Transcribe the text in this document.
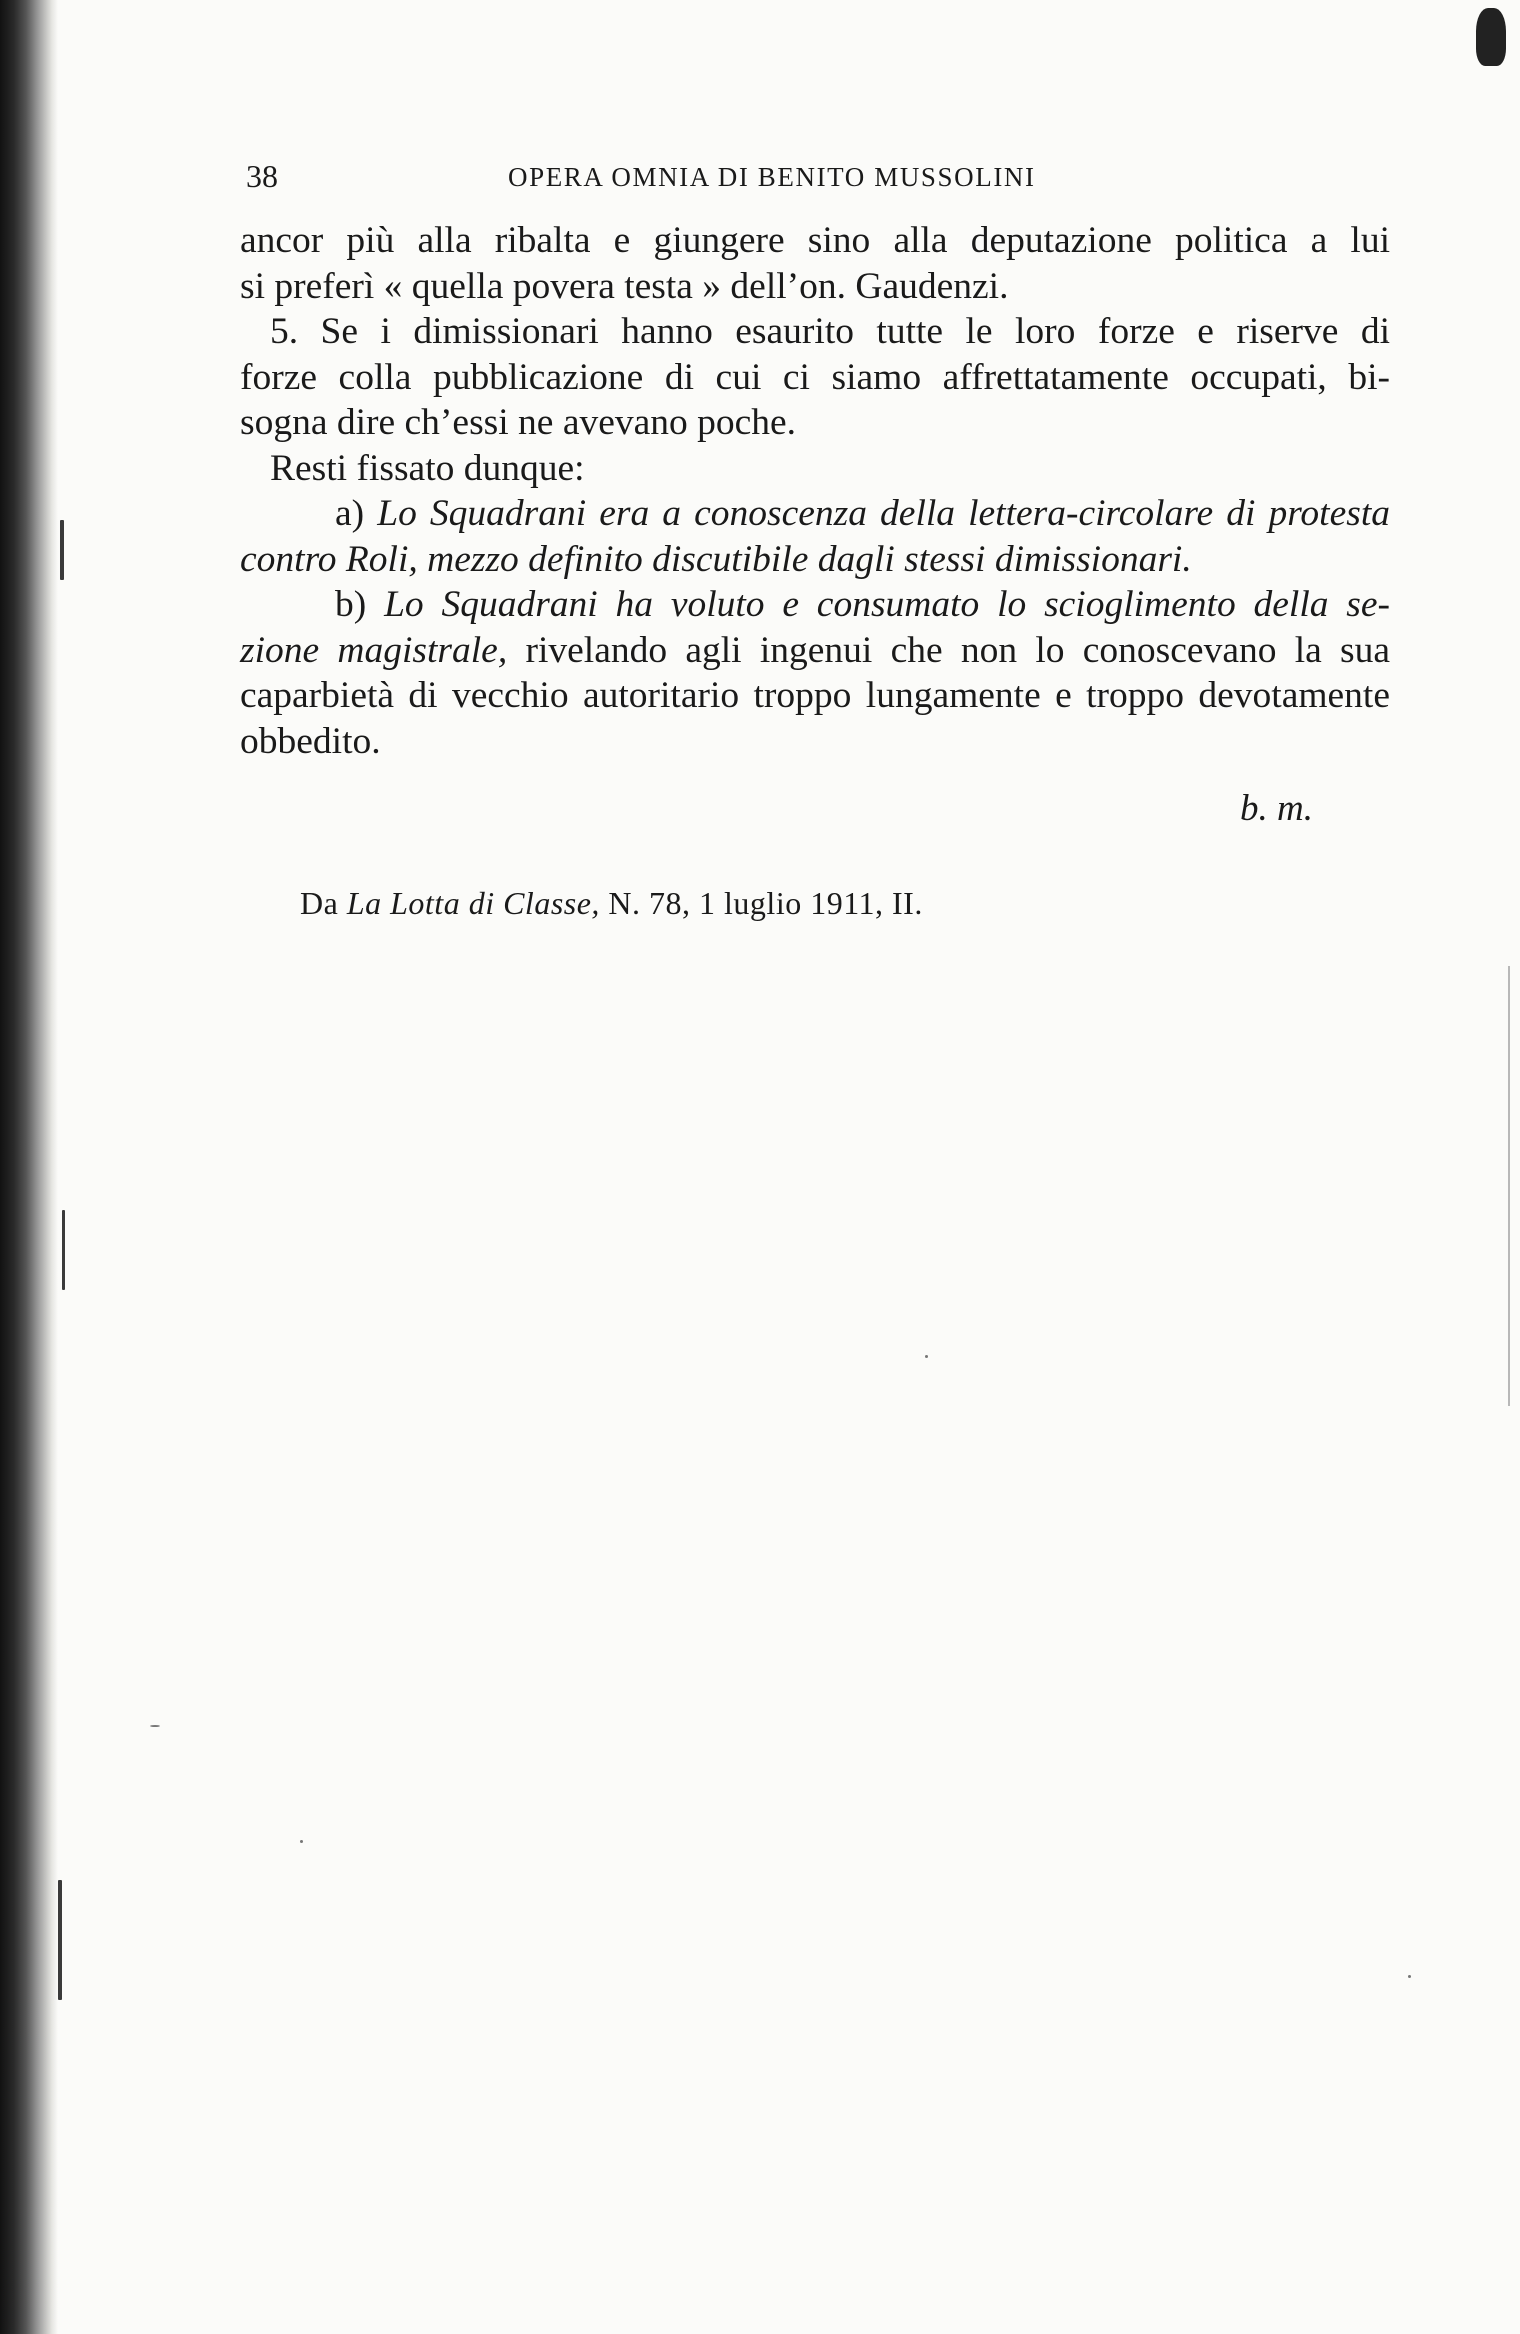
38	OPERA OMNIA DI BENITO MUSSOLINI
ancor più alla ribalta e giungere sino alla deputazione politica a lui
si preferì « quella povera testa » dell’on. Gaudenzi.
5. Se i dimissionari hanno esaurito tutte le loro forze e riserve di
forze colla pubblicazione di cui ci siamo affrettatamente occupati, bi-
sogna dire ch’essi ne avevano poche.
Resti fissato dunque:
a) Lo Squadrani era a conoscenza della lettera-circolare di protesta
contro Roli, mezzo definito discutibile dagli stessi dimissionari.
b) Lo Squadrani ha voluto e consumato lo scioglimento della se-
zione magistrale, rivelando agli ingenui che non lo conoscevano la sua
caparbietà di vecchio autoritario troppo lungamente e troppo devotamente
obbedito.
b. m.
Da La Lotta di Classe, N. 78, 1 luglio 1911, II.
